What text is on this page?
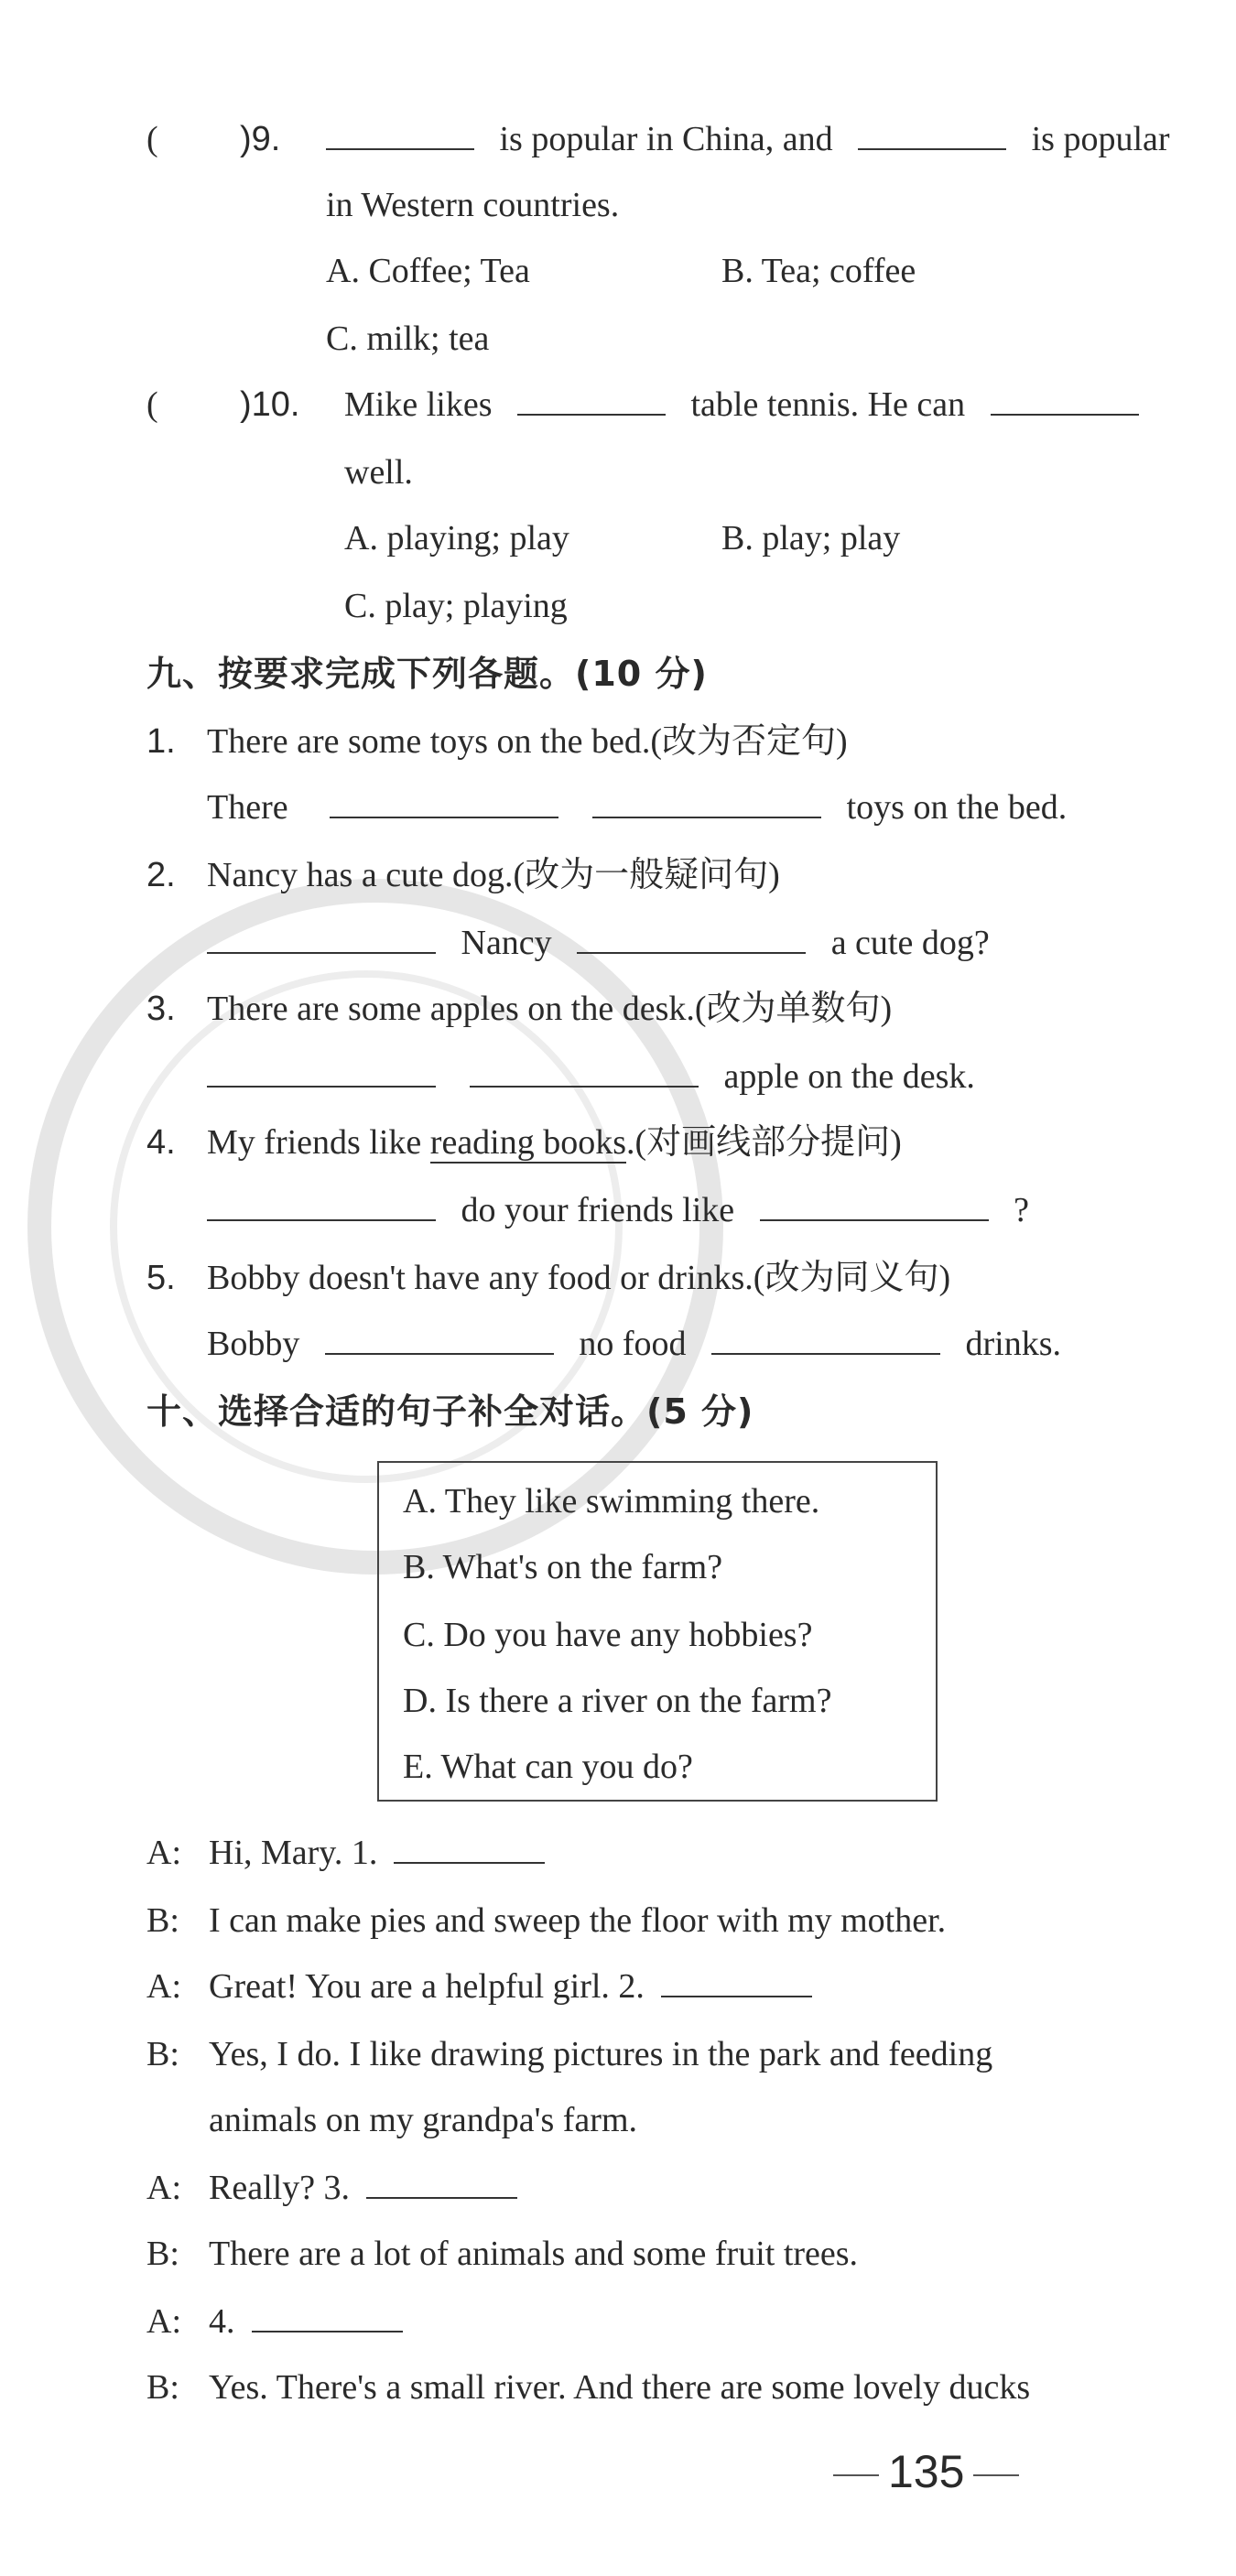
( )9.	is popular in China, and	is popular
in Western countries.
A. Coffee; Tea	B. Tea; coffee
C. milk; tea
( )10. Mike likes	table tennis. He can
well.
A. playing; play	B. play; play
C. play; playing
九、按要求完成下列各题。(10 分)
1. There are some toys on the bed.(改为否定句)
There	toys on the bed.
2. Nancy has a cute dog.(改为一般疑问句)
Nancy	a cute dog?
3. There are some apples on the desk.(改为单数句)
apple on the desk.
4. My friends like reading books.(对画线部分提问)
do your friends like	?
5. Bobby doesn't have any food or drinks.(改为同义句)
Bobby	no food	drinks.
十、选择合适的句子补全对话。(5 分)
A. They like swimming there.
B. What's on the farm?
C. Do you have any hobbies?
D. Is there a river on the farm?
E. What can you do?
A: Hi, Mary. 1.
B: I can make pies and sweep the floor with my mother.
A: Great! You are a helpful girl. 2.
B: Yes, I do. I like drawing pictures in the park and feeding
animals on my grandpa's farm.
A: Really? 3.
B: There are a lot of animals and some fruit trees.
A: 4.
B: Yes. There's a small river. And there are some lovely ducks
135
